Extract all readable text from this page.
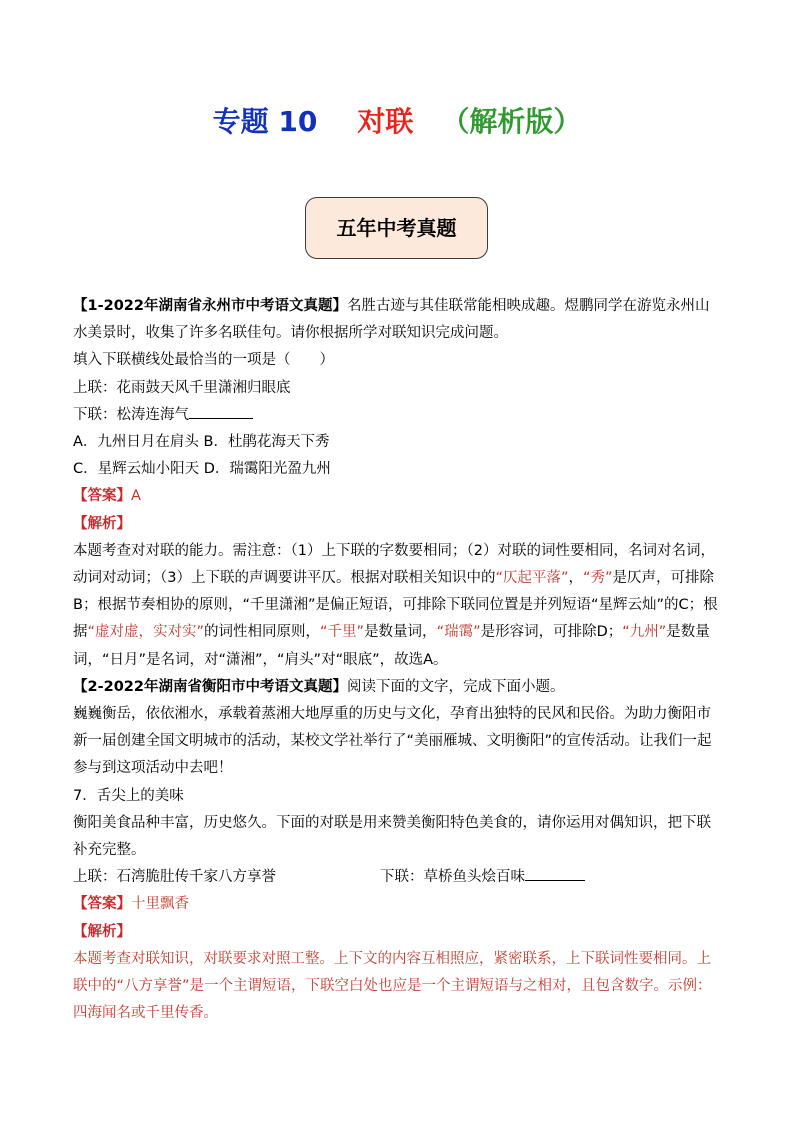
专题 10 对联 （解析版）
五年中考真题

【1-2022年湖南省永州市中考语文真题】名胜古迹与其佳联常能相映成趣。煜鹏同学在游览永州山水美景时，收集了许多名联佳句。请你根据所学对联知识完成问题。

填入下联横线处最恰当的一项是（　　）

上联：花雨鼓天风千里潇湘归眼底

下联：松涛连海气

A．九州日月在肩头 B．杜鹃花海天下秀

C．星辉云灿小阳天 D．瑞霭阳光盈九州

【答案】A

【解析】

本题考查对对联的能力。需注意：（1）上下联的字数要相同；（2）对联的词性要相同，名词对名词，动词对动词；（3）上下联的声调要讲平仄。根据对联相关知识中的“仄起平落”，“秀”是仄声，可排除B；根据节奏相协的原则，“千里潇湘”是偏正短语，可排除下联同位置是并列短语“星辉云灿”的C；根据“虚对虚，实对实”的词性相同原则，“千里”是数量词，“瑞霭”是形容词，可排除D；“九州”是数量词，“日月”是名词，对“潇湘”，“肩头”对“眼底”，故选A。

【2-2022年湖南省衡阳市中考语文真题】阅读下面的文字，完成下面小题。

巍巍衡岳，依依湘水，承载着蒸湘大地厚重的历史与文化，孕育出独特的民风和民俗。为助力衡阳市新一届创建全国文明城市的活动，某校文学社举行了“美丽雁城、文明衡阳”的宣传活动。让我们一起参与到这项活动中去吧！

7．舌尖上的美味

衡阳美食品种丰富，历史悠久。下面的对联是用来赞美衡阳特色美食的，请你运用对偶知识，把下联补充完整。

上联：石湾脆肚传千家八方享誉	下联：草桥鱼头烩百味

【答案】十里飘香

【解析】

本题考查对联知识，对联要求对照工整。上下文的内容互相照应，紧密联系，上下联词性要相同。上联中的“八方享誉”是一个主谓短语，下联空白处也应是一个主谓短语与之相对，且包含数字。示例：四海闻名或千里传香。
